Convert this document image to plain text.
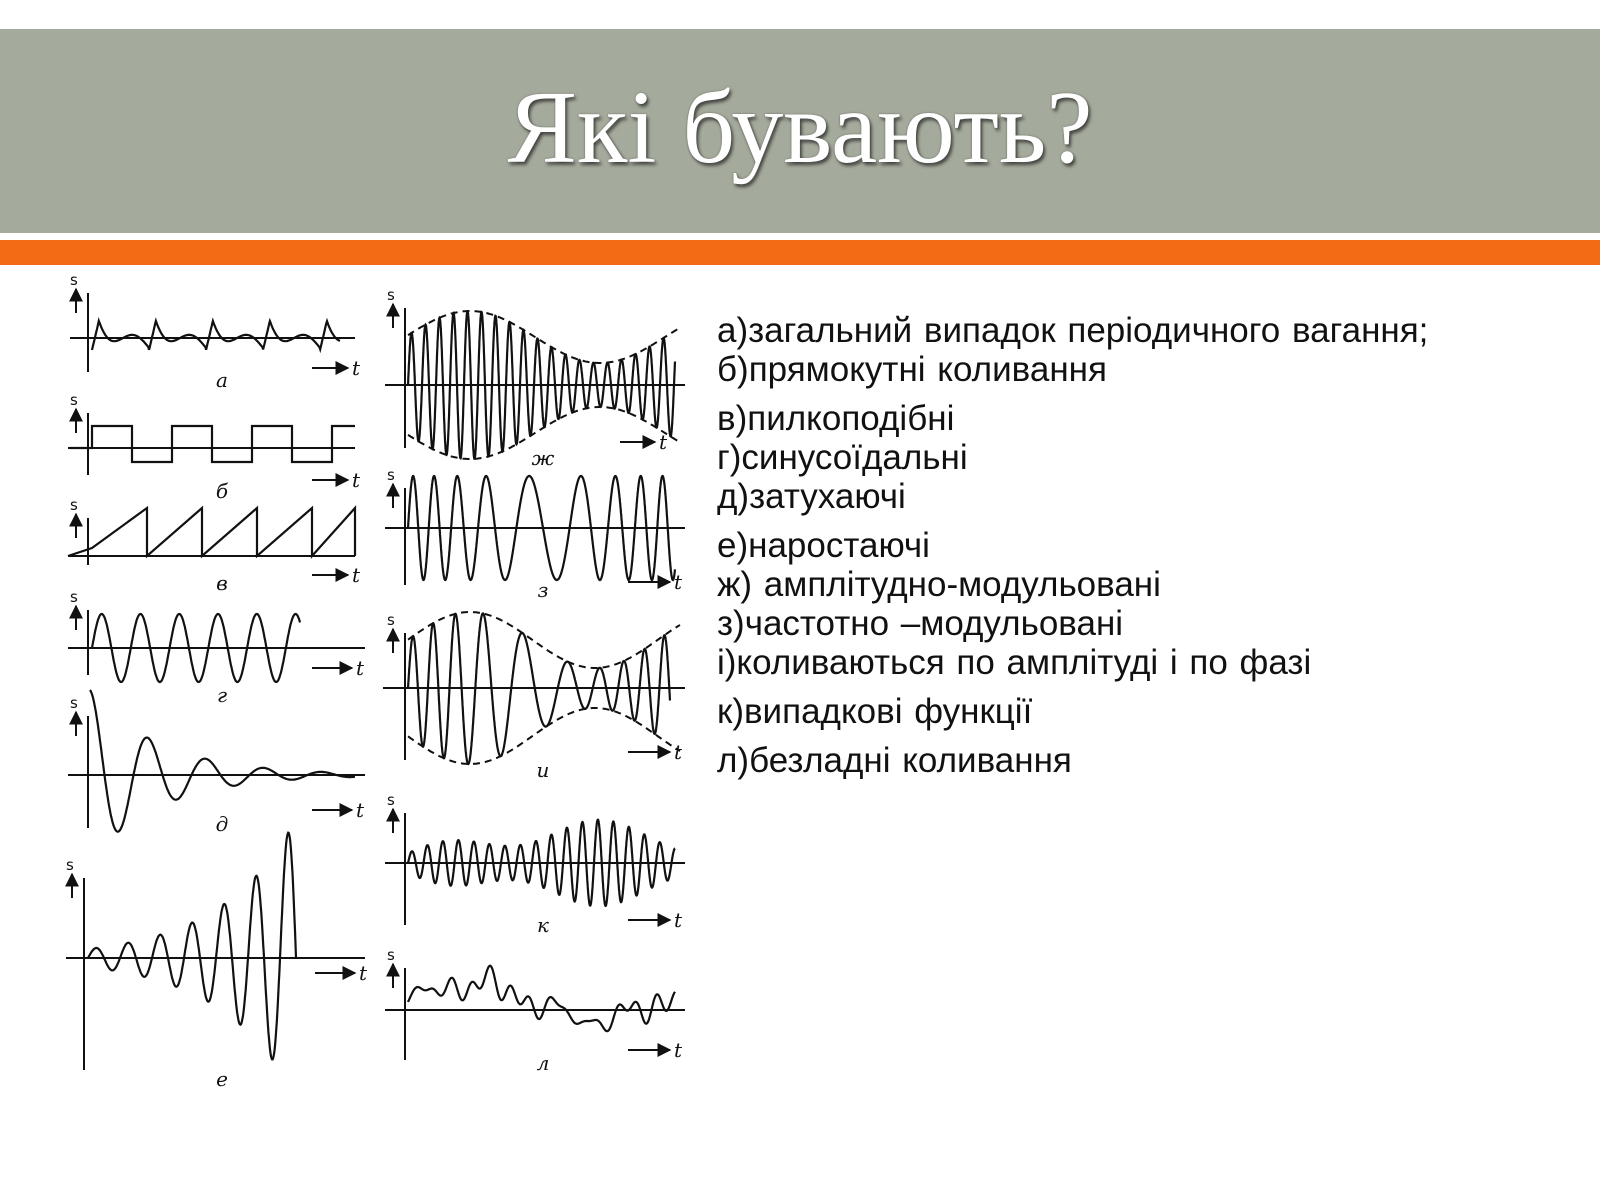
Які бувають?
s
t
а
s
t
б
s
t
в
s
t
г
s
t
д
s
t
е
s
t
ж
s
t
з
s
t
и
s
t
к
s
t
л
а)загальний випадок періодичного вагання;
б)прямокутні коливання
в)пилкоподібні
г)синусоїдальні
д)затухаючі
е)наростаючі
ж) амплітудно-модульовані
з)частотно –модульовані
і)коливаються по амплітуді і по фазі
к)випадкові функції
л)безладні коливання
